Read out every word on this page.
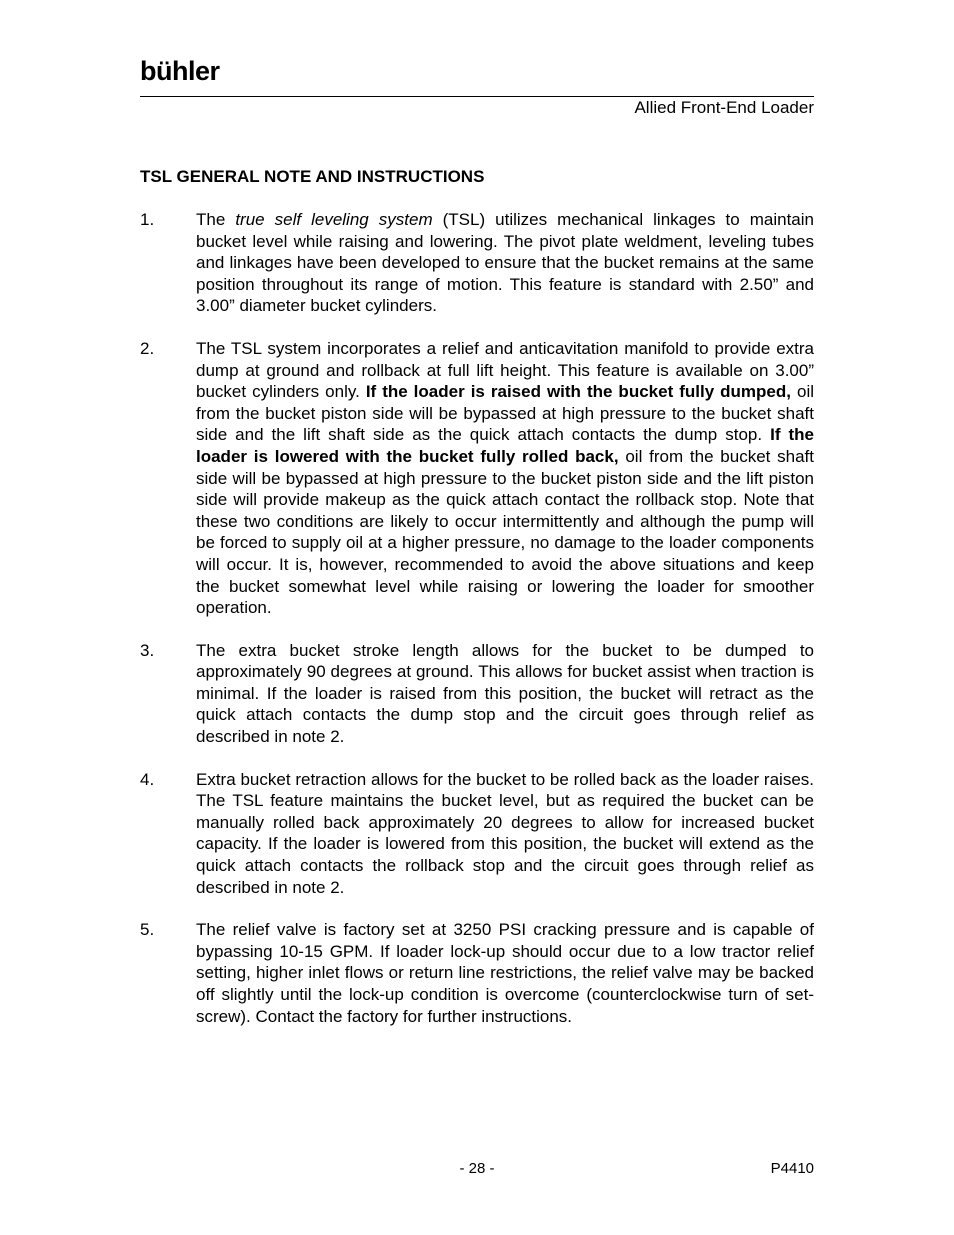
bühler
Allied Front-End Loader
TSL GENERAL NOTE AND INSTRUCTIONS
1.	The true self leveling system (TSL) utilizes mechanical linkages to maintain bucket level while raising and lowering. The pivot plate weldment, leveling tubes and linkages have been developed to ensure that the bucket remains at the same position throughout its range of motion. This feature is standard with 2.50” and 3.00” diameter bucket cylinders.
2.	The TSL system incorporates a relief and anticavitation manifold to provide extra dump at ground and rollback at full lift height. This feature is available on 3.00” bucket cylinders only. If the loader is raised with the bucket fully dumped, oil from the bucket piston side will be bypassed at high pressure to the bucket shaft side and the lift shaft side as the quick attach contacts the dump stop. If the loader is lowered with the bucket fully rolled back, oil from the bucket shaft side will be bypassed at high pressure to the bucket piston side and the lift piston side will provide makeup as the quick attach contact the rollback stop. Note that these two conditions are likely to occur intermittently and although the pump will be forced to supply oil at a higher pressure, no damage to the loader components will occur. It is, however, recommended to avoid the above situations and keep the bucket somewhat level while raising or lowering the loader for smoother operation.
3.	The extra bucket stroke length allows for the bucket to be dumped to approximately 90 degrees at ground. This allows for bucket assist when traction is minimal. If the loader is raised from this position, the bucket will retract as the quick attach contacts the dump stop and the circuit goes through relief as described in note 2.
4.	Extra bucket retraction allows for the bucket to be rolled back as the loader raises. The TSL feature maintains the bucket level, but as required the bucket can be manually rolled back approximately 20 degrees to allow for increased bucket capacity. If the loader is lowered from this position, the bucket will extend as the quick attach contacts the rollback stop and the circuit goes through relief as described in note 2.
5.	The relief valve is factory set at 3250 PSI cracking pressure and is capable of bypassing 10-15 GPM. If loader lock-up should occur due to a low tractor relief setting, higher inlet flows or return line restrictions, the relief valve may be backed off slightly until the lock-up condition is overcome (counterclockwise turn of set-screw). Contact the factory for further instructions.
- 28 -	P4410
